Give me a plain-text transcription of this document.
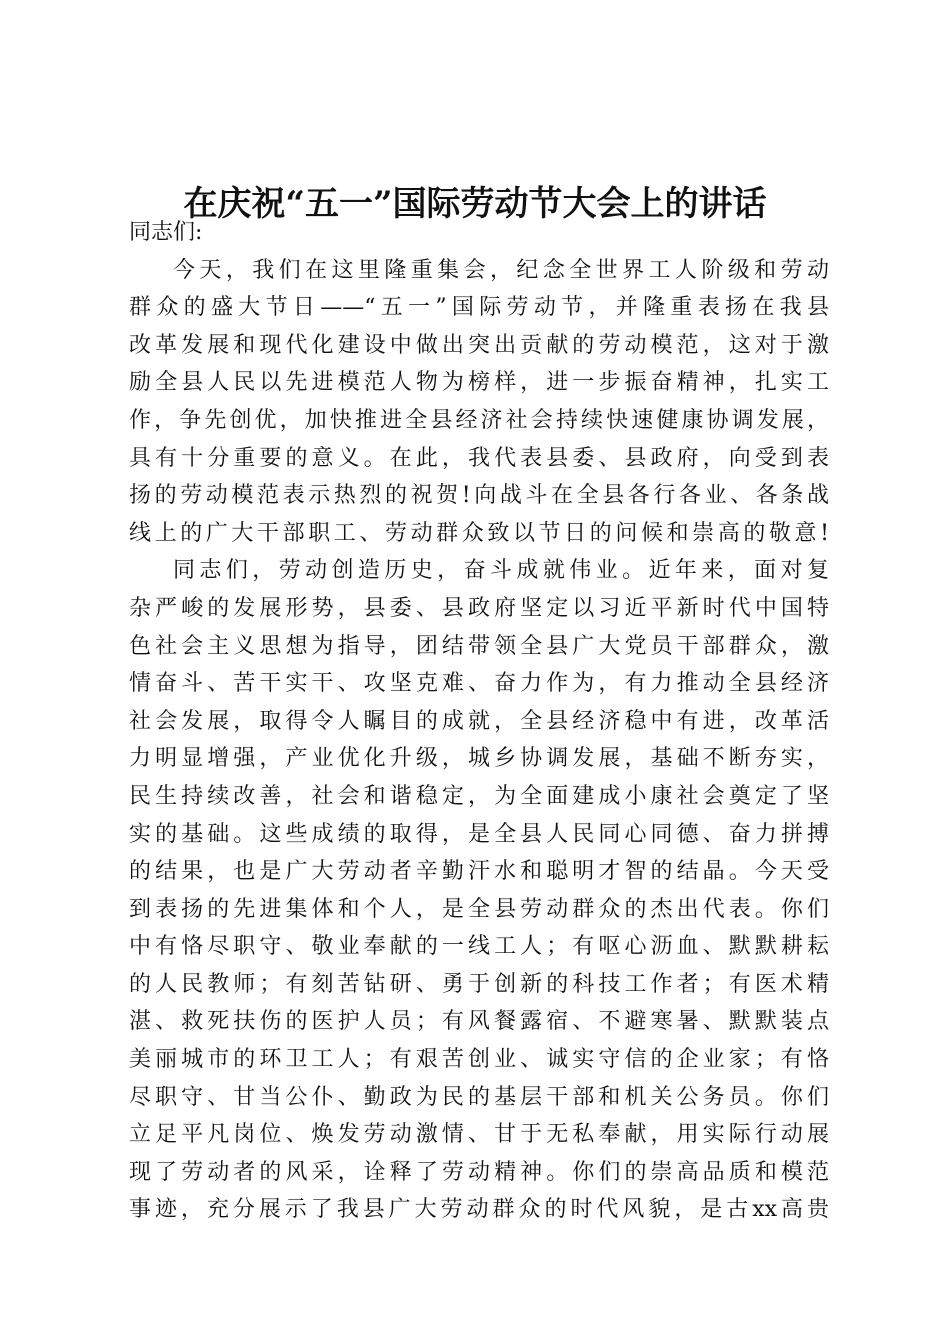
在庆祝“五一”国际劳动节大会上的讲话
同志们:
今天，我们在这里隆重集会，纪念全世界工人阶级和劳动
群众的盛大节日——“五一”国际劳动节，并隆重表扬在我县
改革发展和现代化建设中做出突出贡献的劳动模范，这对于激
励全县人民以先进模范人物为榜样，进一步振奋精神，扎实工
作，争先创优，加快推进全县经济社会持续快速健康协调发展，
具有十分重要的意义。在此，我代表县委、县政府，向受到表
扬的劳动模范表示热烈的祝贺!向战斗在全县各行各业、各条战
线上的广大干部职工、劳动群众致以节日的问候和崇高的敬意!
同志们，劳动创造历史，奋斗成就伟业。近年来，面对复
杂严峻的发展形势，县委、县政府坚定以习近平新时代中国特
色社会主义思想为指导，团结带领全县广大党员干部群众，激
情奋斗、苦干实干、攻坚克难、奋力作为，有力推动全县经济
社会发展，取得令人瞩目的成就，全县经济稳中有进，改革活
力明显增强，产业优化升级，城乡协调发展，基础不断夯实，
民生持续改善，社会和谐稳定，为全面建成小康社会奠定了坚
实的基础。这些成绩的取得，是全县人民同心同德、奋力拼搏
的结果，也是广大劳动者辛勤汗水和聪明才智的结晶。今天受
到表扬的先进集体和个人，是全县劳动群众的杰出代表。你们
中有恪尽职守、敬业奉献的一线工人；有呕心沥血、默默耕耘
的人民教师；有刻苦钻研、勇于创新的科技工作者；有医术精
湛、救死扶伤的医护人员；有风餐露宿、不避寒暑、默默装点
美丽城市的环卫工人；有艰苦创业、诚实守信的企业家；有恪
尽职守、甘当公仆、勤政为民的基层干部和机关公务员。你们
立足平凡岗位、焕发劳动激情、甘于无私奉献，用实际行动展
现了劳动者的风采，诠释了劳动精神。你们的崇高品质和模范
事迹，充分展示了我县广大劳动群众的时代风貌，是古xx高贵
